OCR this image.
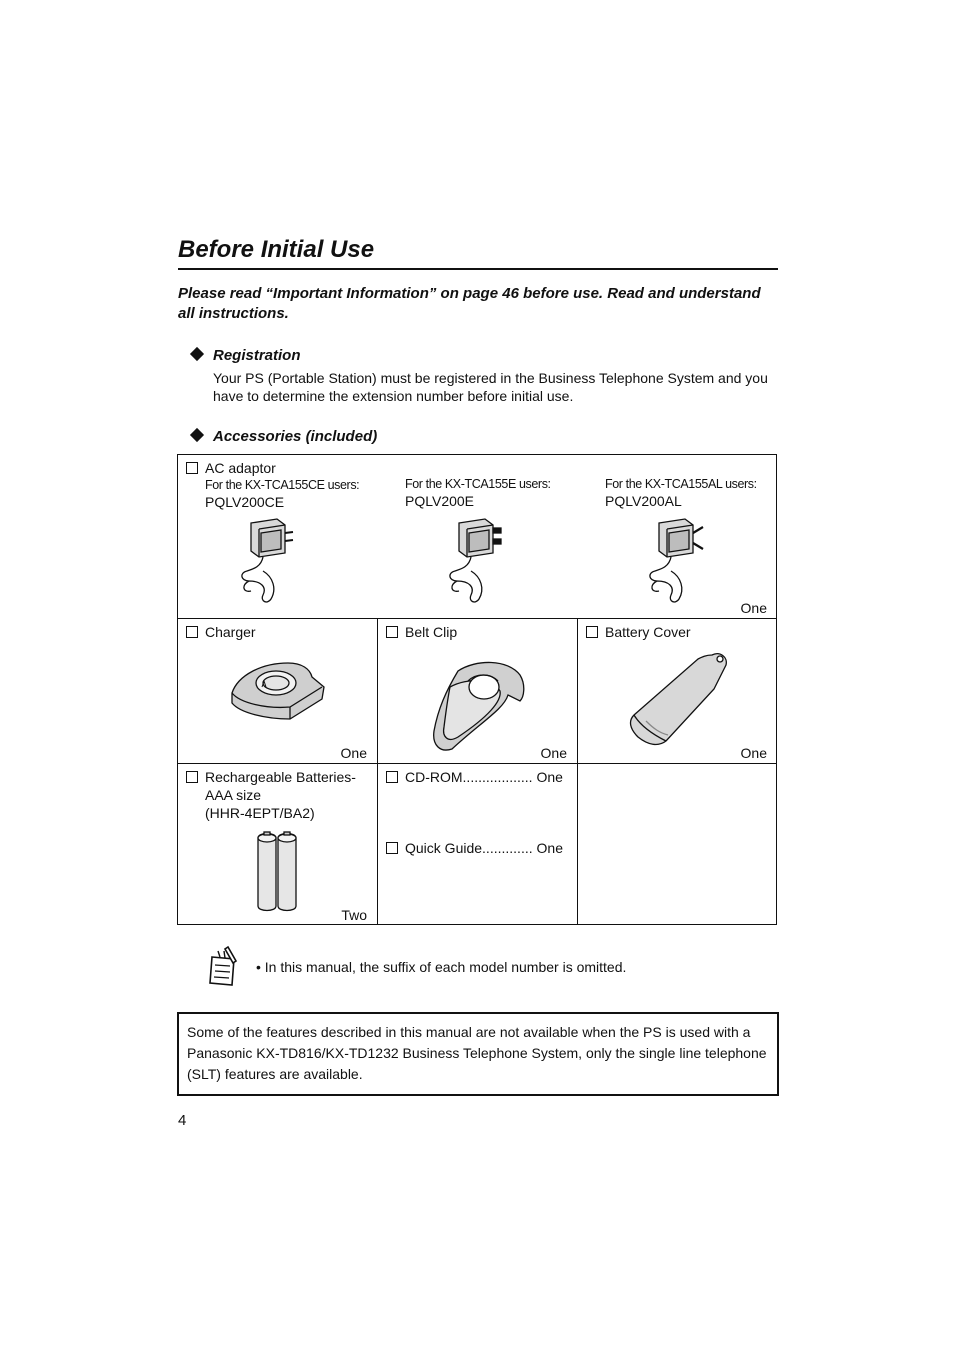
Before Initial Use

Please read “Important Information” on page 46 before use. Read and understand all instructions.

Registration

Your PS (Portable Station) must be registered in the Business Telephone System and you have to determine the extension number before initial use.

Accessories (included)
AC adaptor
For the KX-TCA155CE users:
PQLV200CE
For the KX-TCA155E users:
PQLV200E
For the KX-TCA155AL users:
PQLV200AL
One
Charger
One
Belt Clip
One
Battery Cover
One
Rechargeable Batteries-
AAA size
(HHR-4EPT/BA2)
Two
CD-ROM.................. One
Quick Guide............. One
• In this manual, the suffix of each model number is omitted.
Some of the features described in this manual are not available when the PS is used with a Panasonic KX-TD816/KX-TD1232 Business Telephone System, only the single line telephone (SLT) features are available.
4
